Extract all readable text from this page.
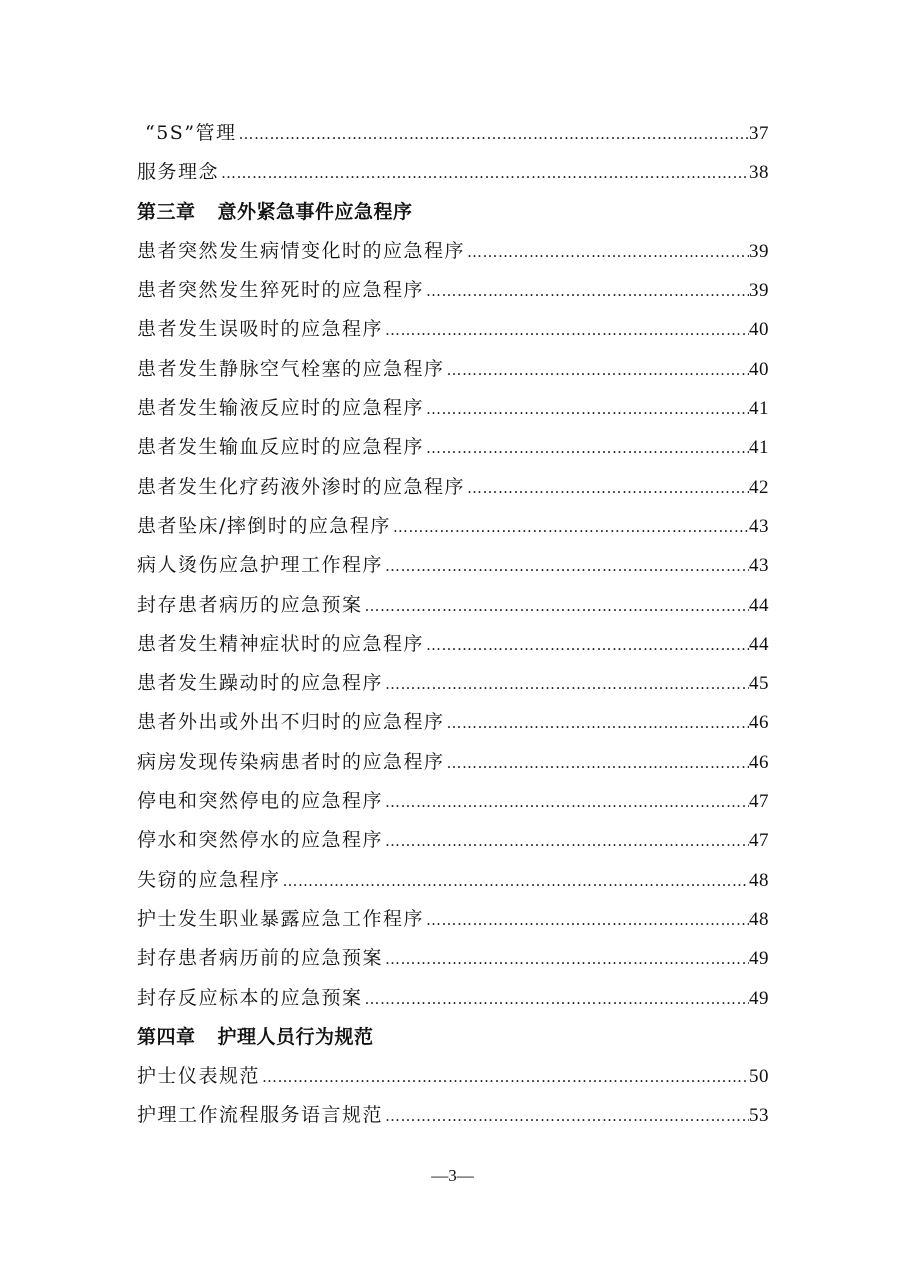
“5S”管理 …………………………………………………………………………………………………………………………………………………………	37
服务理念 …………………………………………………………………………………………………………………………………………………………	38
第三章 意外紧急事件应急程序
患者突然发生病情变化时的应急程序 …………………………………………………………………………………………………………………………………………………………	39
患者突然发生猝死时的应急程序 …………………………………………………………………………………………………………………………………………………………	39
患者发生误吸时的应急程序 …………………………………………………………………………………………………………………………………………………………	40
患者发生静脉空气栓塞的应急程序 …………………………………………………………………………………………………………………………………………………………	40
患者发生输液反应时的应急程序 …………………………………………………………………………………………………………………………………………………………	41
患者发生输血反应时的应急程序 …………………………………………………………………………………………………………………………………………………………	41
患者发生化疗药液外渗时的应急程序 …………………………………………………………………………………………………………………………………………………………	42
患者坠床/摔倒时的应急程序 …………………………………………………………………………………………………………………………………………………………	43
病人烫伤应急护理工作程序 …………………………………………………………………………………………………………………………………………………………	43
封存患者病历的应急预案 …………………………………………………………………………………………………………………………………………………………	44
患者发生精神症状时的应急程序 …………………………………………………………………………………………………………………………………………………………	44
患者发生躁动时的应急程序 …………………………………………………………………………………………………………………………………………………………	45
患者外出或外出不归时的应急程序 …………………………………………………………………………………………………………………………………………………………	46
病房发现传染病患者时的应急程序 …………………………………………………………………………………………………………………………………………………………	46
停电和突然停电的应急程序 …………………………………………………………………………………………………………………………………………………………	47
停水和突然停水的应急程序 …………………………………………………………………………………………………………………………………………………………	47
失窃的应急程序 …………………………………………………………………………………………………………………………………………………………	48
护士发生职业暴露应急工作程序 …………………………………………………………………………………………………………………………………………………………	48
封存患者病历前的应急预案 …………………………………………………………………………………………………………………………………………………………	49
封存反应标本的应急预案 …………………………………………………………………………………………………………………………………………………………	49
第四章 护理人员行为规范
护士仪表规范 …………………………………………………………………………………………………………………………………………………………	50
护理工作流程服务语言规范 …………………………………………………………………………………………………………………………………………………………	53
—3—
